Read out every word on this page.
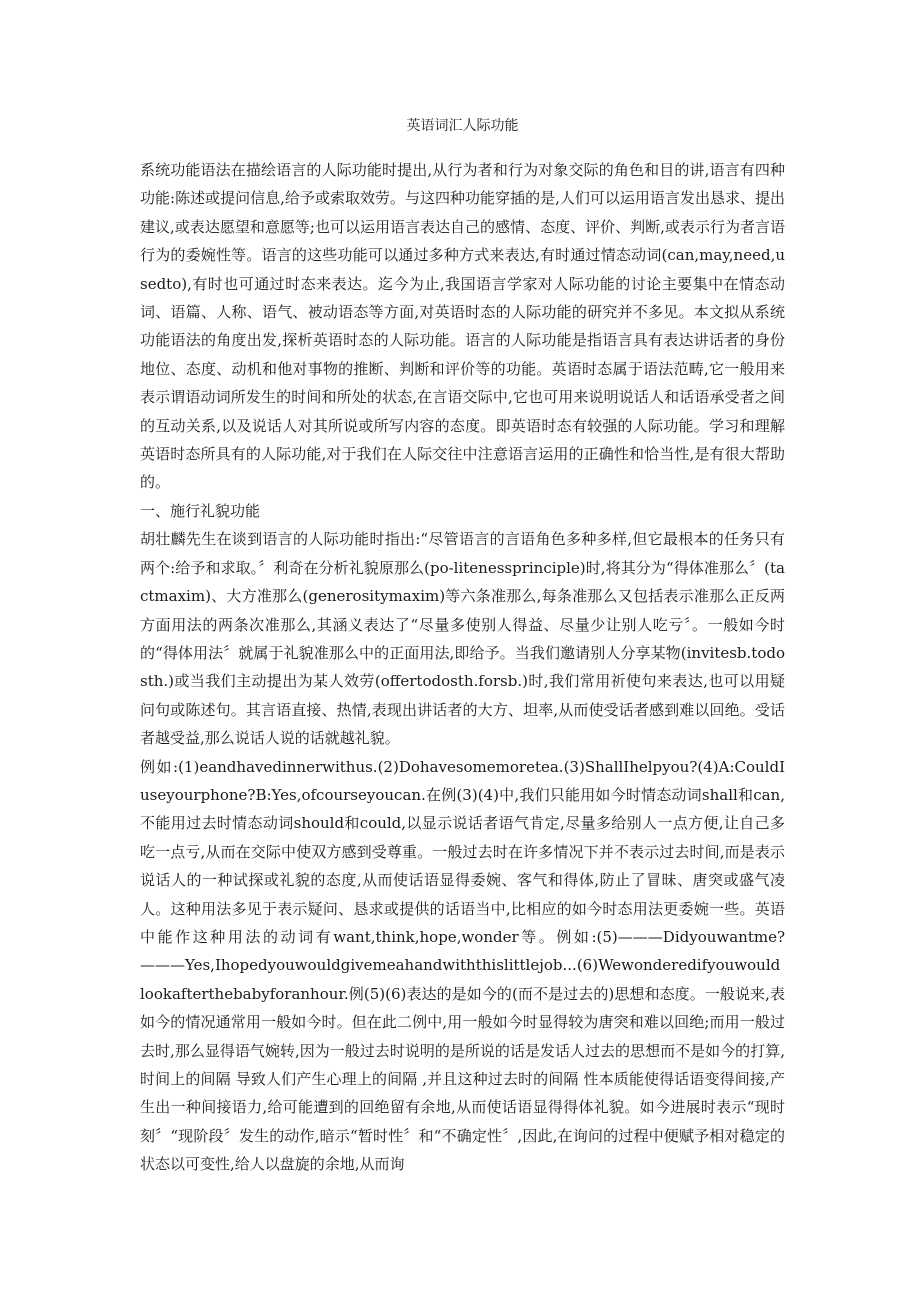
英语词汇人际功能

系统功能语法在描绘语言的人际功能时提出,从行为者和行为对象交际的角色和目的讲,语言有四种功能:陈述或提问信息,给予或索取效劳。与这四种功能穿插的是,人们可以运用语言发出恳求、提出建议,或表达愿望和意愿等;也可以运用语言表达自己的感情、态度、评价、判断,或表示行为者言语行为的委婉性等。语言的这些功能可以通过多种方式来表达,有时通过情态动词(can,may,need,usedto),有时也可通过时态来表达。迄今为止,我国语言学家对人际功能的讨论主要集中在情态动词、语篇、人称、语气、被动语态等方面,对英语时态的人际功能的研究并不多见。本文拟从系统功能语法的角度出发,探析英语时态的人际功能。语言的人际功能是指语言具有表达讲话者的身份地位、态度、动机和他对事物的推断、判断和评价等的功能。英语时态属于语法范畴,它一般用来表示谓语动词所发生的时间和所处的状态,在言语交际中,它也可用来说明说话人和话语承受者之间的互动关系,以及说话人对其所说或所写内容的态度。即英语时态有较强的人际功能。学习和理解英语时态所具有的人际功能,对于我们在人际交往中注意语言运用的正确性和恰当性,是有很大帮助的。

一、施行礼貌功能

胡壮麟先生在谈到语言的人际功能时指出:“尽管语言的言语角色多种多样,但它最根本的任务只有两个:给予和求取。〞利奇在分析礼貌原那么(po-litenessprinciple)时,将其分为“得体准那么〞(tactmaxim)、大方准那么(generositymaxim)等六条准那么,每条准那么又包括表示准那么正反两方面用法的两条次准那么,其涵义表达了“尽量多使别人得益、尽量少让别人吃亏〞。一般如今时的“得体用法〞就属于礼貌准那么中的正面用法,即给予。当我们邀请别人分享某物(invitesb.todosth.)或当我们主动提出为某人效劳(offertodosth.forsb.)时,我们常用祈使句来表达,也可以用疑问句或陈述句。其言语直接、热情,表现出讲话者的大方、坦率,从而使受话者感到难以回绝。受话者越受益,那么说话人说的话就越礼貌。

例如:(1)eandhavedinnerwithus.(2)Dohavesomemoretea.(3)ShallIhelpyou?(4)A:CouldIuseyourphone?B:Yes,ofcourseyoucan.在例(3)(4)中,我们只能用如今时情态动词shall和can,不能用过去时情态动词should和could,以显示说话者语气肯定,尽量多给别人一点方便,让自己多吃一点亏,从而在交际中使双方感到受尊重。一般过去时在许多情况下并不表示过去时间,而是表示说话人的一种试探或礼貌的态度,从而使话语显得委婉、客气和得体,防止了冒昧、唐突或盛气凌人。这种用法多见于表示疑问、恳求或提供的话语当中,比相应的如今时态用法更委婉一些。英语中能作这种用法的动词有want,think,hope,wonder等。例如:(5)———Didyouwantme?———Yes,Ihopedyouwouldgivemeahandwiththislittlejob...(6)Wewonderedifyouwouldlookafterthebabyforanhour.例(5)(6)表达的是如今的(而不是过去的)思想和态度。一般说来,表如今的情况通常用一般如今时。但在此二例中,用一般如今时显得较为唐突和难以回绝;而用一般过去时,那么显得语气婉转,因为一般过去时说明的是所说的话是发话人过去的思想而不是如今的打算,时间上的间隔 导致人们产生心理上的间隔 ,并且这种过去时的间隔 性本质能使得话语变得间接,产生出一种间接语力,给可能遭到的回绝留有余地,从而使话语显得得体礼貌。如今进展时表示“现时刻〞“现阶段〞发生的动作,暗示“暂时性〞和“不确定性〞,因此,在询问的过程中便赋予相对稳定的状态以可变性,给人以盘旋的余地,从而询
